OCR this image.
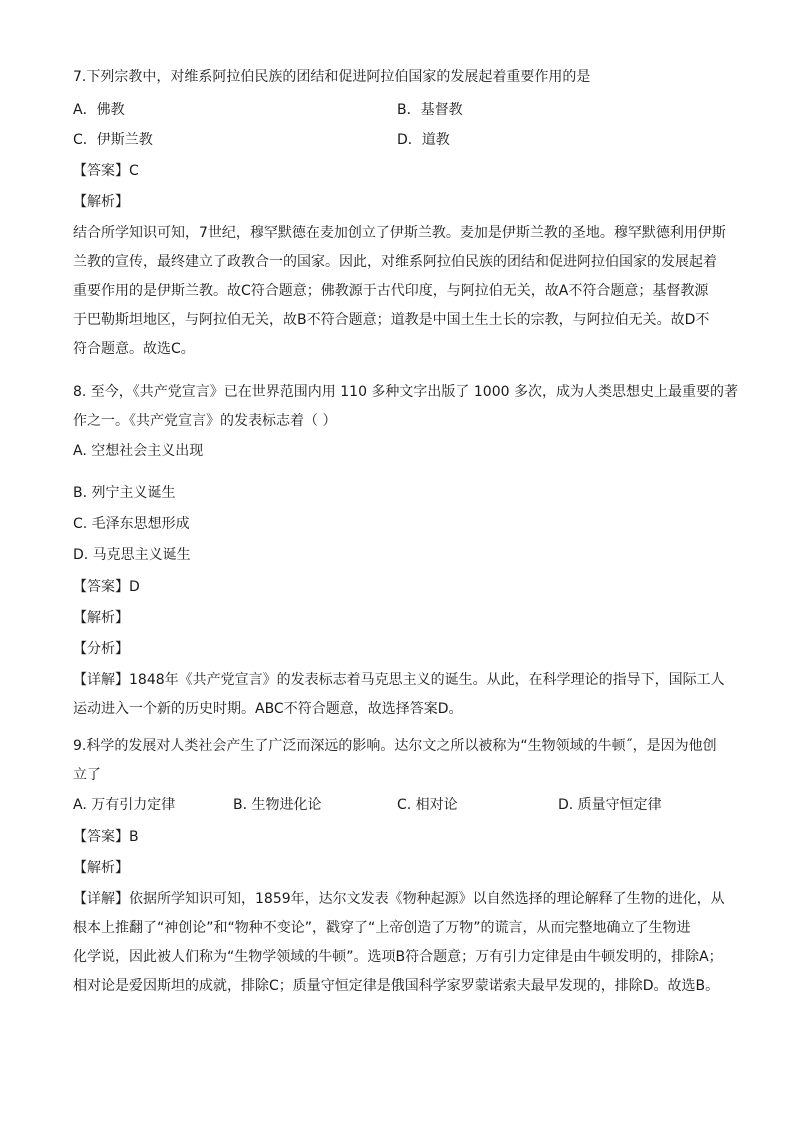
7.下列宗教中，对维系阿拉伯民族的团结和促进阿拉伯国家的发展起着重要作用的是
A．佛教	B．基督教
C．伊斯兰教	D．道教
【答案】C
【解析】
结合所学知识可知，7世纪，穆罕默德在麦加创立了伊斯兰教。麦加是伊斯兰教的圣地。穆罕默德利用伊斯
兰教的宣传，最终建立了政教合一的国家。因此，对维系阿拉伯民族的团结和促进阿拉伯国家的发展起着
重要作用的是伊斯兰教。故C符合题意；佛教源于古代印度，与阿拉伯无关，故A不符合题意；基督教源
于巴勒斯坦地区，与阿拉伯无关，故B不符合题意；道教是中国土生土长的宗教，与阿拉伯无关。故D不
符合题意。故选C。
8. 至今，《共产党宣言》已在世界范围内用 110 多种文字出版了 1000 多次，成为人类思想史上最重要的著
作之一。《共产党宣言》的发表标志着（ ）
A. 空想社会主义出现
B. 列宁主义诞生
C. 毛泽东思想形成
D. 马克思主义诞生
【答案】D
【解析】
【分析】
【详解】1848年《共产党宣言》的发表标志着马克思主义的诞生。从此，在科学理论的指导下，国际工人
运动进入一个新的历史时期。ABC不符合题意，故选择答案D。
9.科学的发展对人类社会产生了广泛而深远的影响。达尔文之所以被称为“生物领域的牛顿˝，是因为他创
立了
A. 万有引力定律	B. 生物进化论	C. 相对论	D. 质量守恒定律
【答案】B
【解析】
【详解】依据所学知识可知，1859年，达尔文发表《物种起源》以自然选择的理论解释了生物的进化，从
根本上推翻了“神创论”和“物种不变论”，戳穿了“上帝创造了万物”的谎言，从而完整地确立了生物进
化学说，因此被人们称为“生物学领域的牛顿”。选项B符合题意；万有引力定律是由牛顿发明的，排除A；
相对论是爱因斯坦的成就，排除C；质量守恒定律是俄国科学家罗蒙诺索夫最早发现的，排除D。故选B。
